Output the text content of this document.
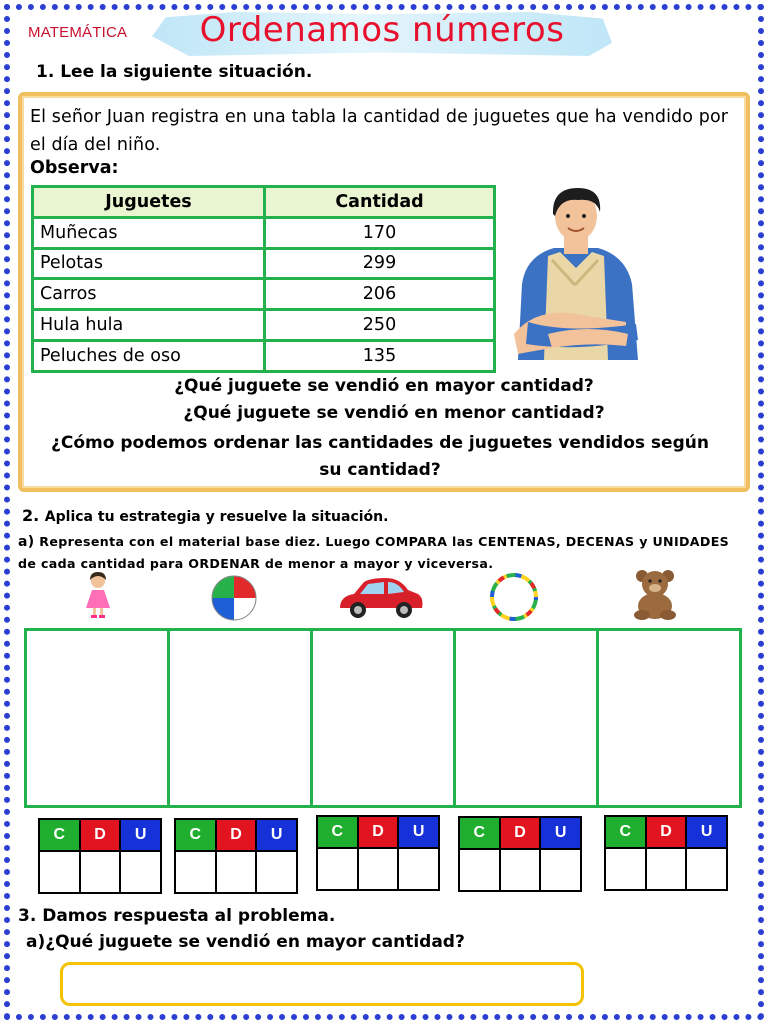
MATEMÁTICA	Ordenamos números
1. Lee la siguiente situación.
El señor Juan registra en una tabla la cantidad de juguetes que ha vendido por el día del niño.
Observa:
Juguetes	Cantidad
Muñecas	170
Pelotas	299
Carros	206
Hula hula	250
Peluches de oso	135
¿Qué juguete se vendió en mayor cantidad?
¿Qué juguete se vendió en menor cantidad?
¿Cómo podemos ordenar las cantidades de juguetes vendidos según su cantidad?
2. Aplica tu estrategia y resuelve la situación.
a) Representa con el material base diez. Luego COMPARA las CENTENAS, DECENAS y UNIDADES de cada cantidad para ORDENAR de menor a mayor y viceversa.
C	D	U
			C	D	U
			C	D	U
			C	D	U
			C	D	U

3. Damos respuesta al problema.
a)¿Qué juguete se vendió en mayor cantidad?
